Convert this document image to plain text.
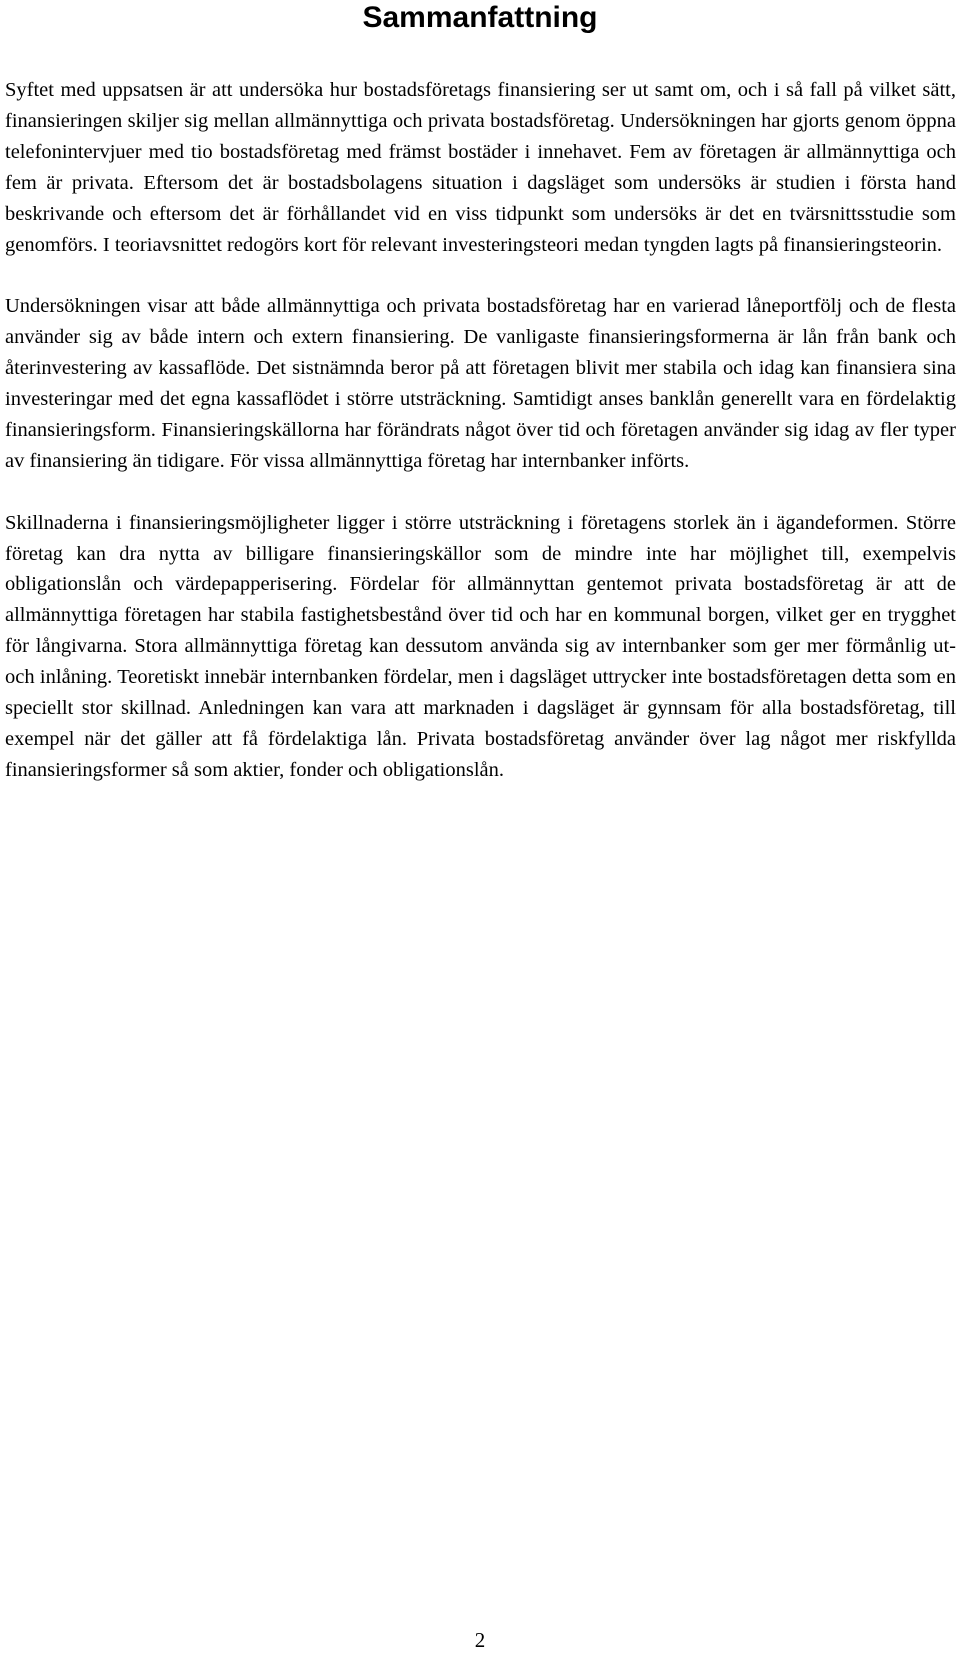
Sammanfattning

Syftet med uppsatsen är att undersöka hur bostadsföretags finansiering ser ut samt om, och i så fall på vilket sätt, finansieringen skiljer sig mellan allmännyttiga och privata bostadsföretag. Undersökningen har gjorts genom öppna telefonintervjuer med tio bostadsföretag med främst bostäder i innehavet. Fem av företagen är allmännyttiga och fem är privata. Eftersom det är bostadsbolagens situation i dagsläget som undersöks är studien i första hand beskrivande och eftersom det är förhållandet vid en viss tidpunkt som undersöks är det en tvärsnittsstudie som genomförs. I teoriavsnittet redogörs kort för relevant investeringsteori medan tyngden lagts på finansieringsteorin.

Undersökningen visar att både allmännyttiga och privata bostadsföretag har en varierad låneportfölj och de flesta använder sig av både intern och extern finansiering. De vanligaste finansieringsformerna är lån från bank och återinvestering av kassaflöde. Det sistnämnda beror på att företagen blivit mer stabila och idag kan finansiera sina investeringar med det egna kassaflödet i större utsträckning. Samtidigt anses banklån generellt vara en fördelaktig finansieringsform. Finansieringskällorna har förändrats något över tid och företagen använder sig idag av fler typer av finansiering än tidigare. För vissa allmännyttiga företag har internbanker införts.

Skillnaderna i finansieringsmöjligheter ligger i större utsträckning i företagens storlek än i ägandeformen. Större företag kan dra nytta av billigare finansieringskällor som de mindre inte har möjlighet till, exempelvis obligationslån och värdepapperisering. Fördelar för allmännyttan gentemot privata bostadsföretag är att de allmännyttiga företagen har stabila fastighetsbestånd över tid och har en kommunal borgen, vilket ger en trygghet för långivarna. Stora allmännyttiga företag kan dessutom använda sig av internbanker som ger mer förmånlig ut- och inlåning. Teoretiskt innebär internbanken fördelar, men i dagsläget uttrycker inte bostadsföretagen detta som en speciellt stor skillnad. Anledningen kan vara att marknaden i dagsläget är gynnsam för alla bostadsföretag, till exempel när det gäller att få fördelaktiga lån. Privata bostadsföretag använder över lag något mer riskfyllda finansieringsformer så som aktier, fonder och obligationslån.

2
